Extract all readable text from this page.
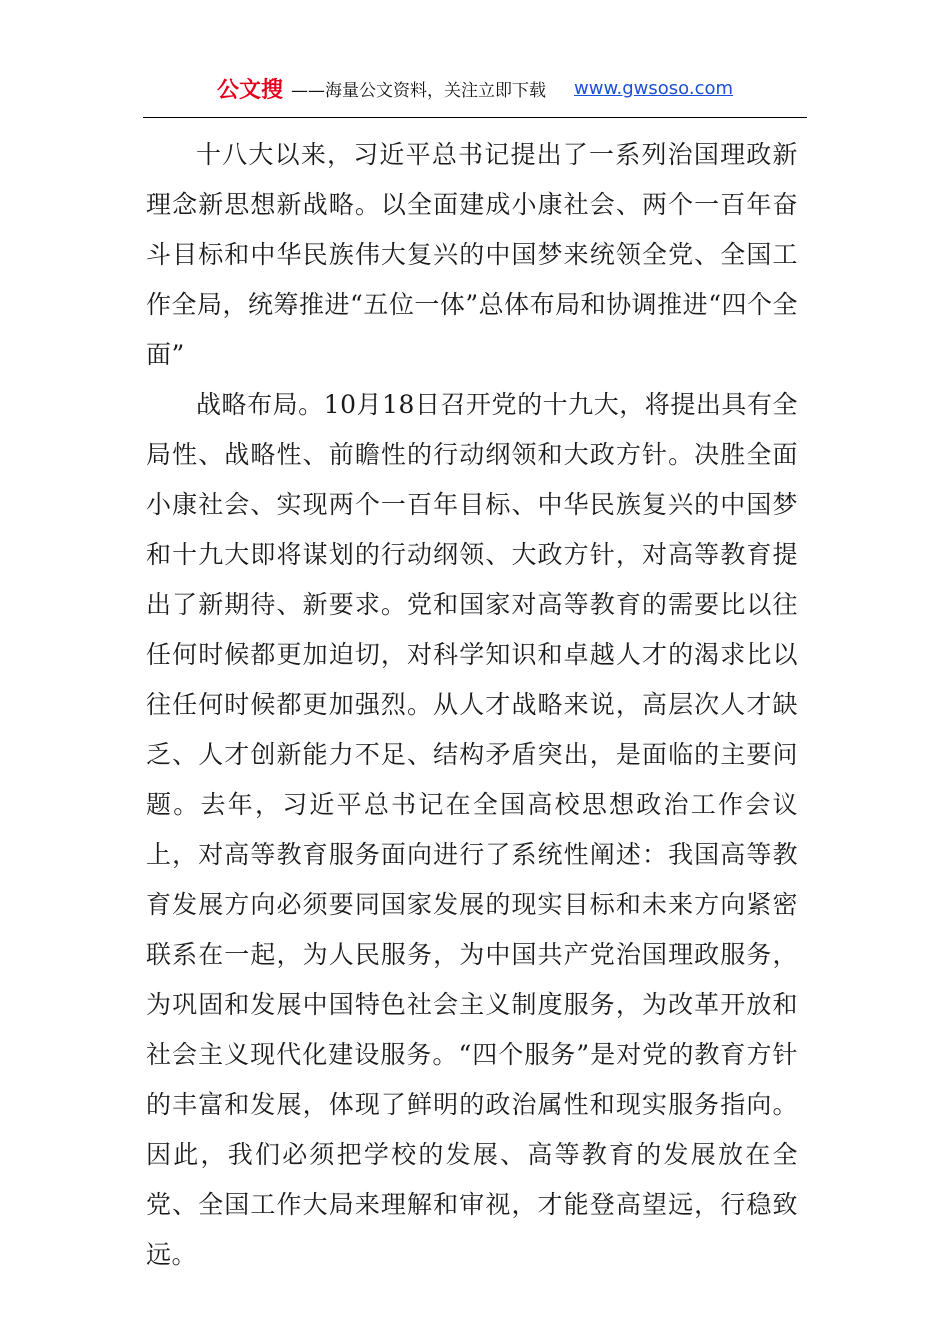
公文搜 ——海量公文资料，关注立即下载 www.gwsoso.com

十八大以来，习近平总书记提出了一系列治国理政新理念新思想新战略。以全面建成小康社会、两个一百年奋斗目标和中华民族伟大复兴的中国梦来统领全党、全国工作全局，统筹推进“五位一体”总体布局和协调推进“四个全面”

战略布局。10月18日召开党的十九大，将提出具有全局性、战略性、前瞻性的行动纲领和大政方针。决胜全面小康社会、实现两个一百年目标、中华民族复兴的中国梦和十九大即将谋划的行动纲领、大政方针，对高等教育提出了新期待、新要求。党和国家对高等教育的需要比以往任何时候都更加迫切，对科学知识和卓越人才的渴求比以往任何时候都更加强烈。从人才战略来说，高层次人才缺乏、人才创新能力不足、结构矛盾突出，是面临的主要问题。去年，习近平总书记在全国高校思想政治工作会议上，对高等教育服务面向进行了系统性阐述：我国高等教育发展方向必须要同国家发展的现实目标和未来方向紧密联系在一起，为人民服务，为中国共产党治国理政服务，为巩固和发展中国特色社会主义制度服务，为改革开放和社会主义现代化建设服务。“四个服务”是对党的教育方针的丰富和发展，体现了鲜明的政治属性和现实服务指向。因此，我们必须把学校的发展、高等教育的发展放在全党、全国工作大局来理解和审视，才能登高望远，行稳致远。
